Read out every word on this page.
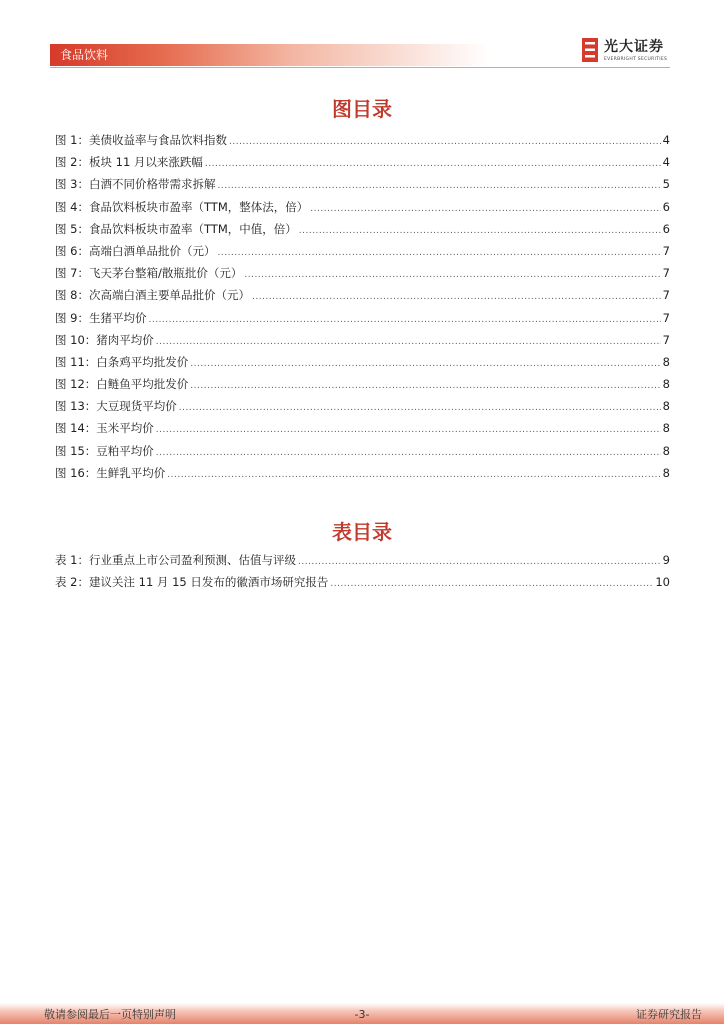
食品饮料	光大证券
EVERBRIGHT SECURITIES
图目录
图 1：美债收益率与食品饮料指数 .....	4
图 2：板块 11 月以来涨跌幅 .....	4
图 3：白酒不同价格带需求拆解 .....	5
图 4：食品饮料板块市盈率（TTM，整体法，倍） .....	6
图 5：食品饮料板块市盈率（TTM，中值，倍） .....	6
图 6：高端白酒单品批价（元） .....	7
图 7：飞天茅台整箱/散瓶批价（元） .....	7
图 8：次高端白酒主要单品批价（元） .....	7
图 9：生猪平均价 .....	7
图 10：猪肉平均价 .....	7
图 11：白条鸡平均批发价 .....	8
图 12：白鲢鱼平均批发价 .....	8
图 13：大豆现货平均价 .....	8
图 14：玉米平均价 .....	8
图 15：豆粕平均价 .....	8
图 16：生鲜乳平均价 .....	8
表目录
表 1：行业重点上市公司盈利预测、估值与评级 .....	9
表 2：建议关注 11 月 15 日发布的徽酒市场研究报告 .....	10
敬请参阅最后一页特别声明	-3-	证券研究报告
